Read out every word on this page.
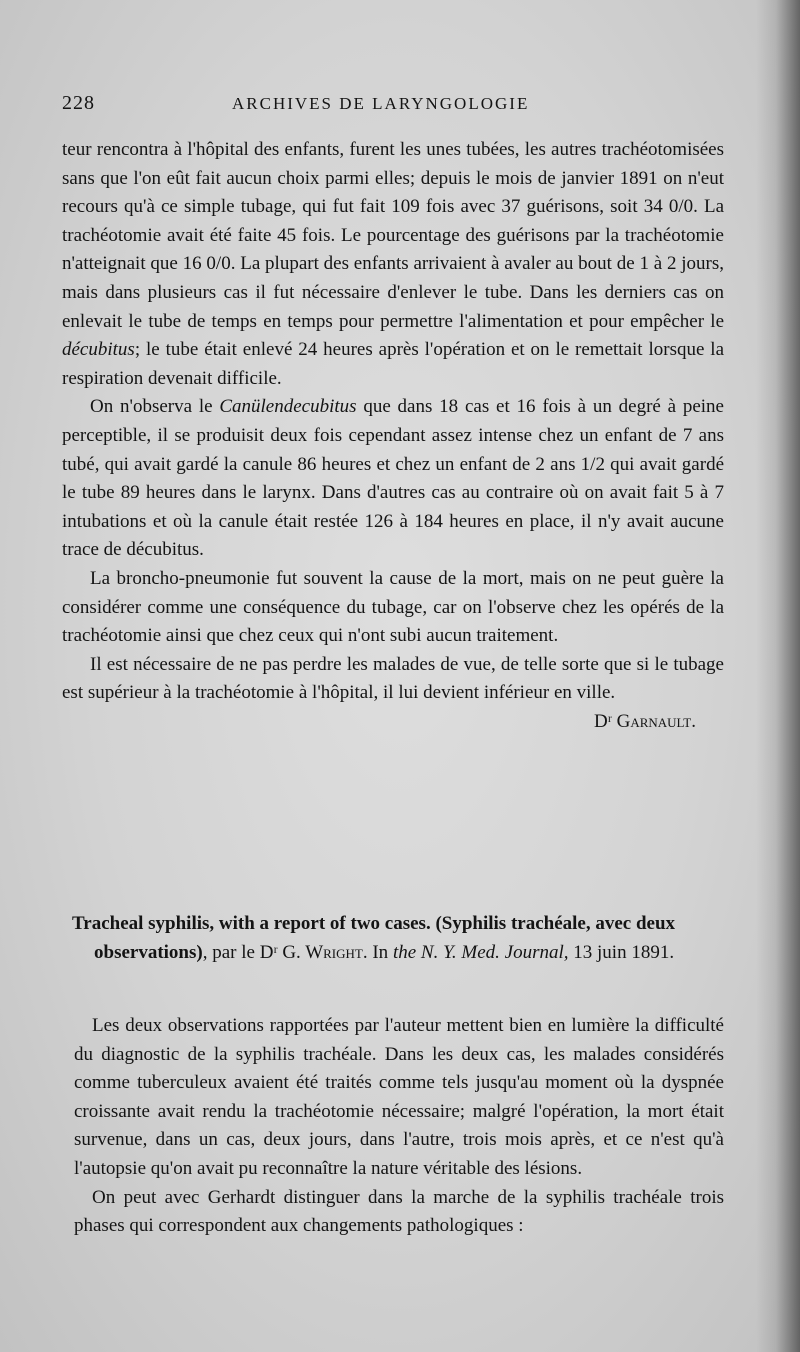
228	ARCHIVES DE LARYNGOLOGIE

teur rencontra à l'hôpital des enfants, furent les unes tubées, les autres trachéotomisées sans que l'on eût fait aucun choix parmi elles; depuis le mois de janvier 1891 on n'eut recours qu'à ce simple tubage, qui fut fait 109 fois avec 37 guérisons, soit 34 0/0. La trachéotomie avait été faite 45 fois. Le pourcentage des guérisons par la trachéotomie n'atteignait que 16 0/0. La plupart des enfants arrivaient à avaler au bout de 1 à 2 jours, mais dans plusieurs cas il fut nécessaire d'enlever le tube. Dans les derniers cas on enlevait le tube de temps en temps pour permettre l'alimentation et pour empêcher le décubitus; le tube était enlevé 24 heures après l'opération et on le remettait lorsque la respiration devenait difficile.

On n'observa le Canülendecubitus que dans 18 cas et 16 fois à un degré à peine perceptible, il se produisit deux fois cependant assez intense chez un enfant de 7 ans tubé, qui avait gardé la canule 86 heures et chez un enfant de 2 ans 1/2 qui avait gardé le tube 89 heures dans le larynx. Dans d'autres cas au contraire où on avait fait 5 à 7 intubations et où la canule était restée 126 à 184 heures en place, il n'y avait aucune trace de décubitus.

La broncho-pneumonie fut souvent la cause de la mort, mais on ne peut guère la considérer comme une conséquence du tubage, car on l'observe chez les opérés de la trachéotomie ainsi que chez ceux qui n'ont subi aucun traitement.

Il est nécessaire de ne pas perdre les malades de vue, de telle sorte que si le tubage est supérieur à la trachéotomie à l'hôpital, il lui devient inférieur en ville.

Dʳ Garnault.
Tracheal syphilis, with a report of two cases. (Syphilis trachéale, avec deux observations), par le Dʳ G. Wright. In the N. Y. Med. Journal, 13 juin 1891.

Les deux observations rapportées par l'auteur mettent bien en lumière la difficulté du diagnostic de la syphilis trachéale. Dans les deux cas, les malades considérés comme tuberculeux avaient été traités comme tels jusqu'au moment où la dyspnée croissante avait rendu la trachéotomie nécessaire; malgré l'opération, la mort était survenue, dans un cas, deux jours, dans l'autre, trois mois après, et ce n'est qu'à l'autopsie qu'on avait pu reconnaître la nature véritable des lésions.

On peut avec Gerhardt distinguer dans la marche de la syphilis trachéale trois phases qui correspondent aux changements pathologiques :
